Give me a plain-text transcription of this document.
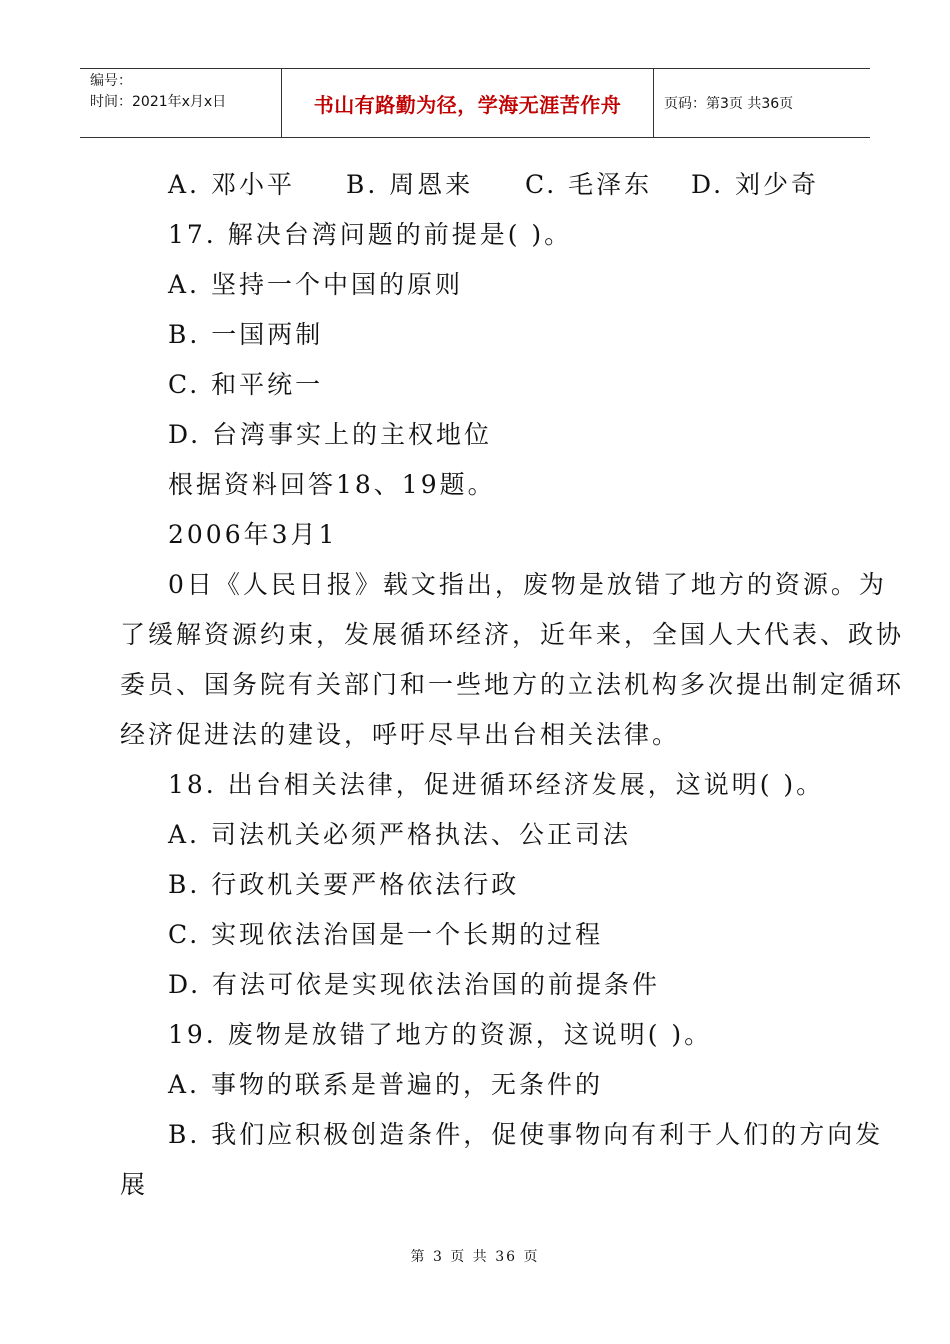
编号：
时间：2021年x月x日	书山有路勤为径，学海无涯苦作舟	页码：第3页 共36页
A. 邓小平 B. 周恩来 C. 毛泽东 D. 刘少奇
17. 解决台湾问题的前提是( )。
A. 坚持一个中国的原则
B. 一国两制
C. 和平统一
D. 台湾事实上的主权地位
根据资料回答18、19题。
2006年3月1
0日《人民日报》载文指出，废物是放错了地方的资源。为
了缓解资源约束，发展循环经济，近年来，全国人大代表、政协
委员、国务院有关部门和一些地方的立法机构多次提出制定循环
经济促进法的建设，呼吁尽早出台相关法律。
18. 出台相关法律，促进循环经济发展，这说明( )。
A. 司法机关必须严格执法、公正司法
B. 行政机关要严格依法行政
C. 实现依法治国是一个长期的过程
D. 有法可依是实现依法治国的前提条件
19. 废物是放错了地方的资源，这说明( )。
A. 事物的联系是普遍的，无条件的
B. 我们应积极创造条件，促使事物向有利于人们的方向发
展
第 3 页 共 36 页
